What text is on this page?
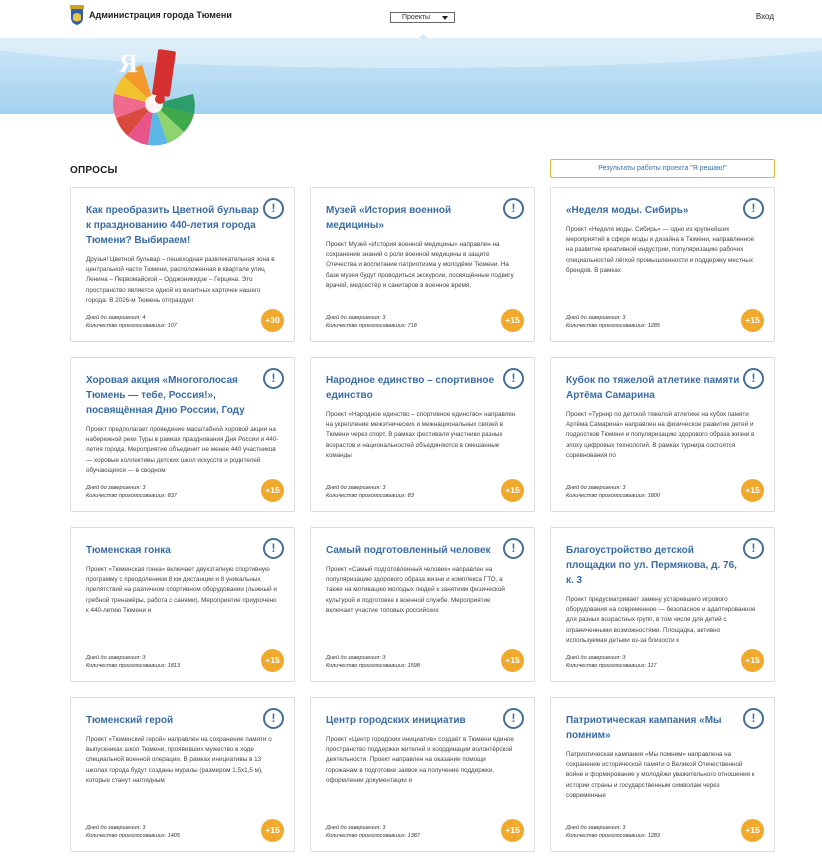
Администрация города Тюмени	Проекты	Вход
Я
ОПРОСЫ	Результаты работы проекта "Я решаю!"
Как преобразить Цветной бульвар к празднованию 440-летия города Тюмени? Выбираем!
!
Друзья! Цветной бульвар – пешеходная развлекательная зона в центральной части Тюмени, расположенная в квартале улиц Ленина – Первомайской – Орджоникидзе – Герцена. Это пространство является одной из визитных карточек нашего города. В 2026-м Тюмень отпраздует
Дней до завершения: 4
Количество проголосовавших: 107
+30
Музей «История военной медицины»
!
Проект Музей «История военной медицины» направлен на сохранение знаний о роли военной медицины в защите Отечества и воспитание патриотизма у молодёжи Тюмени. На базе музея будут проводиться экскурсии, посвящённые подвигу врачей, медсестёр и санитаров в военное время,
Дней до завершения: 3
Количество проголосовавших: 718
+15
«Неделя моды. Сибирь»	!
Проект «Неделя моды. Сибирь» — одно из крупнейших мероприятий в сфере моды и дизайна в Тюмени, направленное на развитие креативной индустрии, популяризацию рабочих специальностей лёгкой промышленности и поддержку местных брендов. В рамках
Дней до завершения: 3
Количество проголосовавших: 1285
+15
Хоровая акция «Многоголосая Тюмень — тебе, Россия!», посвящённая Дню России, Году
!
Проект предполагает проведение масштабной хоровой акции на набережной реки Туры в рамках празднования Дня России и 440-летия города. Мероприятие объединит не менее 440 участников — хоровые коллективы детских школ искусств и родителей обучающихся — в сводном
Дней до завершения: 3
Количество проголосовавших: 837
+15
Народное единство – спортивное единство
!
Проект «Народное единство – спортивное единство» направлен на укрепление межэтнических и межнациональных связей в Тюмени через спорт. В рамках фестиваля участники разных возрастов и национальностей объединяются в смешанные команды
Дней до завершения: 3
Количество проголосовавших: 83
+15
Кубок по тяжелой атлетике памяти Артёма Самарина
!
Проект «Турнир по детской тяжелой атлетике на кубок памяти Артёма Самарина» направлен на физическое развитие детей и подростков Тюмени и популяризацию здорового образа жизни в эпоху цифровых технологий. В рамках турнира состоятся соревнования по
Дней до завершения: 3
Количество проголосовавших: 1800
+15
Тюменская гонка	!
Проект «Тюменская гонка» включает двухэтапную спортивную программу с преодолением 8 км дистанции и 8 уникальных препятствий на различном спортивном оборудовании (лыжный и гребной тренажёры, работа с санями). Мероприятие приурочено к 440-летию Тюмени и
Дней до завершения: 3
Количество проголосовавших: 1813
+15
Самый подготовленный человек	!
Проект «Самый подготовленный человек» направлен на популяризацию здорового образа жизни и комплекса ГТО, а также на мотивацию молодых людей к занятиям физической культурой и подготовке к военной службе. Мероприятие включает участие топовых российских
Дней до завершения: 3
Количество проголосовавших: 1598
+15
Благоустройство детской площадки по ул. Пермякова, д. 76, к. 3
!
Проект предусматривает замену устаревшего игрового оборудования на современное — безопасное и адаптированное для разных возрастных групп, в том числе для детей с ограниченными возможностями. Площадка, активно используемая детьми из-за близости к
Дней до завершения: 3
Количество проголосовавших: 117
+15
Тюменский герой	!
Проект «Тюменский герой» направлен на сохранение памяти о выпускниках школ Тюмени, проявивших мужество в ходе специальной военной операции. В рамках инициативы в 13 школах города будут созданы муралы (размером 1,5х1,5 м), которые станут наглядным
Дней до завершения: 3
Количество проголосовавших: 1405
+15
Центр городских инициатив	!
Проект «Центр городских инициатив» создаёт в Тюмени единое пространство поддержки жителей и координации волонтёрской деятельности. Проект направлен на оказание помощи горожанам в подготовке заявок на получение поддержки, оформлении документации и
Дней до завершения: 3
Количество проголосовавших: 1387
+15
Патриотическая кампания «Мы помним»
!
Патриотическая кампания «Мы помним» направлена на сохранение исторической памяти о Великой Отечественной войне и формирование у молодёжи уважительного отношения к истории страны и государственным символам через современные
Дней до завершения: 3
Количество проголосовавших: 1283
+15
